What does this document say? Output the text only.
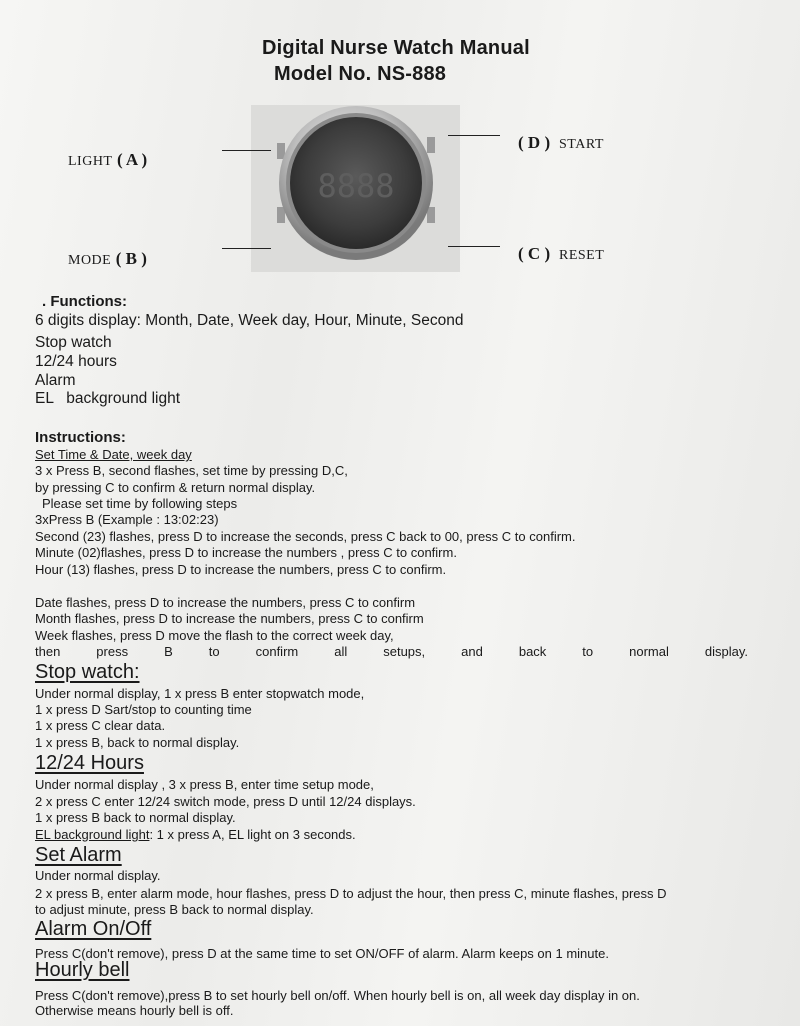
Digital Nurse Watch Manual
Model No. NS-888
8888
LIGHT ( A )
MODE ( B )
( D ) START
( C ) RESET
. Functions:
6 digits display: Month, Date, Week day, Hour, Minute, Second
Stop watch
12/24 hours
Alarm
EL   background light
Instructions:
Set Time & Date, week day
3 x Press B, second flashes, set time by pressing D,C,
by pressing C to confirm & return normal display.
Please set time by following steps
3xPress B (Example : 13:02:23)
Second (23) flashes, press D to increase the seconds, press C back to 00, press C to confirm.
Minute (02)flashes, press D to increase the numbers , press C to confirm.
Hour (13) flashes, press D to increase the numbers, press C to confirm.
Date flashes, press D to increase the numbers, press C to confirm
Month flashes, press D to increase the numbers, press C to confirm
Week flashes, press D move the flash to the correct week day,
then press B to confirm all setups, and back to normal display.
Stop watch:
Under normal display, 1 x press B enter stopwatch mode,
1 x press D Sart/stop to counting time
1 x press C clear data.
1 x press B, back to normal display.
12/24 Hours
Under normal display , 3 x press B, enter time setup mode,
2 x press C enter 12/24 switch mode, press D until 12/24 displays.
1 x press B back to normal display.
EL background light: 1 x press A, EL light on 3 seconds.
Set Alarm
Under normal display.
2 x press B, enter alarm mode, hour flashes, press D to adjust the hour, then press C, minute flashes, press D
to adjust minute, press B back to normal display.
Alarm On/Off
Press C(don't remove), press D at the same time to set ON/OFF of alarm. Alarm keeps on 1 minute.
Hourly bell
Press C(don't remove),press B to set hourly bell on/off. When hourly bell is on, all week day display in on.
Otherwise means hourly bell is off.
